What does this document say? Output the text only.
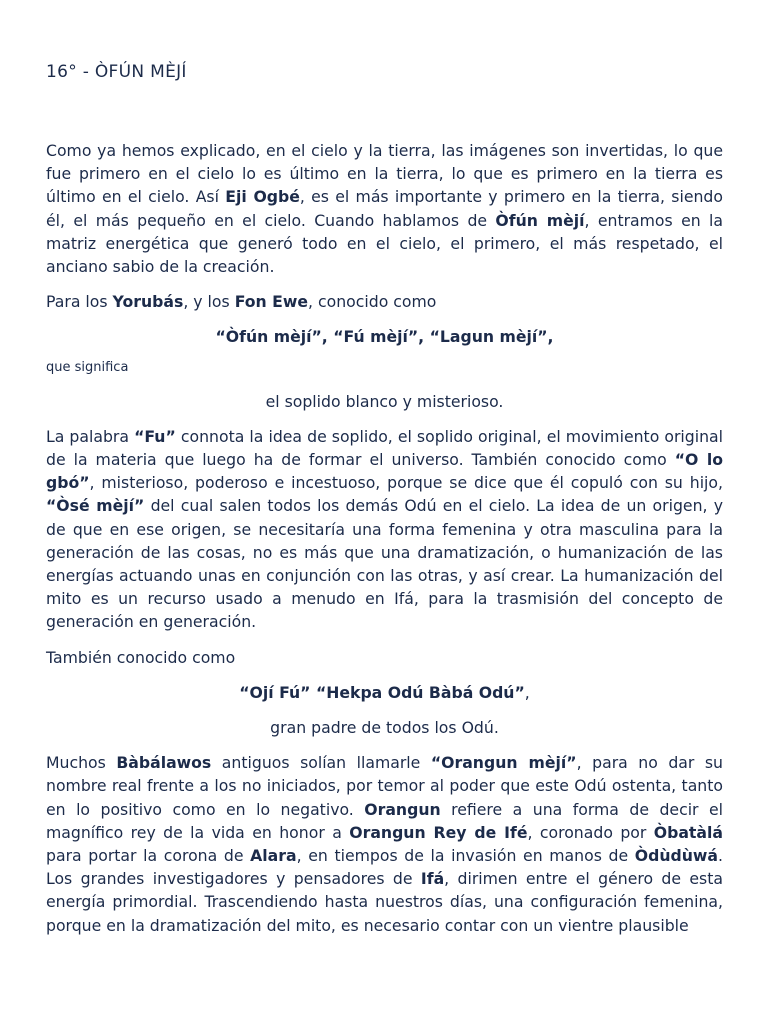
16° - ÒFÚN MÈJÍ

Como ya hemos explicado, en el cielo y la tierra, las imágenes son invertidas, lo que fue primero en el cielo lo es último en la tierra, lo que es primero en la tierra es último en el cielo. Así Eji Ogbé, es el más importante y primero en la tierra, siendo él, el más pequeño en el cielo. Cuando hablamos de Òfún mèjí, entramos en la matriz energética que generó todo en el cielo, el primero, el más respetado, el anciano sabio de la creación.

Para los Yorubás, y los Fon Ewe, conocido como

“Òfún mèjí”, “Fú mèjí”, “Lagun mèjí”,

que significa

el soplido blanco y misterioso.

La palabra “Fu” connota la idea de soplido, el soplido original, el movimiento original de la materia que luego ha de formar el universo. También conocido como “O lo gbó”, misterioso, poderoso e incestuoso, porque se dice que él copuló con su hijo, “Òsé mèjí” del cual salen todos los demás Odú en el cielo. La idea de un origen, y de que en ese origen, se necesitaría una forma femenina y otra masculina para la generación de las cosas, no es más que una dramatización, o humanización de las energías actuando unas en conjunción con las otras, y así crear. La humanización del mito es un recurso usado a menudo en Ifá, para la trasmisión del concepto de generación en generación.

También conocido como

“Ojí Fú” “Hekpa Odú Bàbá Odú”,

gran padre de todos los Odú.

Muchos Bàbálawos antiguos solían llamarle “Orangun mèjí”, para no dar su nombre real frente a los no iniciados, por temor al poder que este Odú ostenta, tanto en lo positivo como en lo negativo. Orangun refiere a una forma de decir el magnífico rey de la vida en honor a Orangun Rey de Ifé, coronado por Òbatàlá para portar la corona de Alara, en tiempos de la invasión en manos de Òdùdùwá. Los grandes investigadores y pensadores de Ifá, dirimen entre el género de esta energía primordial. Trascendiendo hasta nuestros días, una configuración femenina, porque en la dramatización del mito, es necesario contar con un vientre plausible
